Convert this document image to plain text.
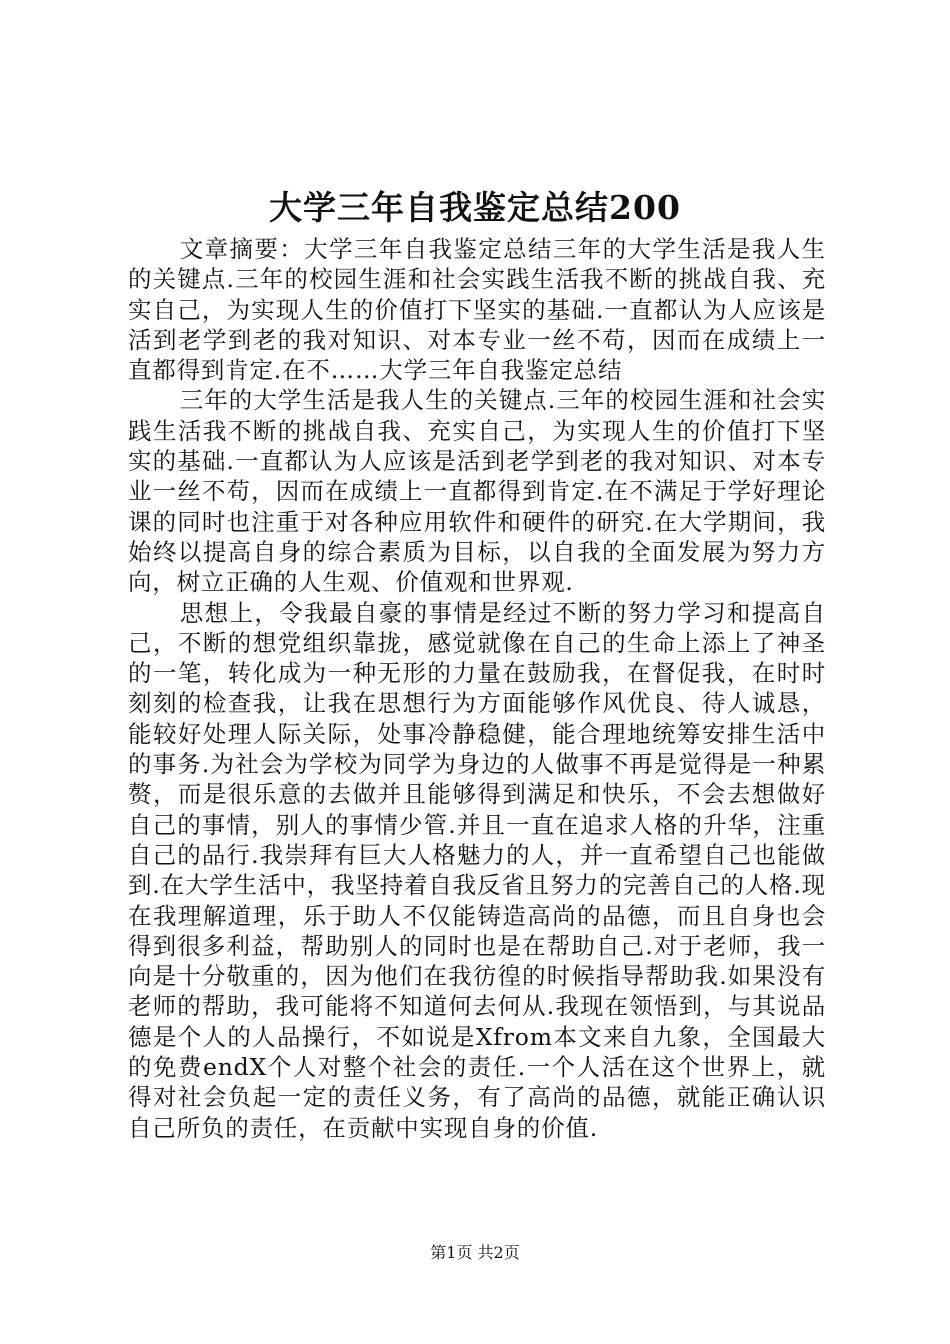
大学三年自我鉴定总结200

文章摘要：大学三年自我鉴定总结三年的大学生活是我人生的关键点.三年的校园生涯和社会实践生活我不断的挑战自我、充实自己，为实现人生的价值打下坚实的基础.一直都认为人应该是活到老学到老的我对知识、对本专业一丝不苟，因而在成绩上一直都得到肯定.在不……大学三年自我鉴定总结

三年的大学生活是我人生的关键点.三年的校园生涯和社会实践生活我不断的挑战自我、充实自己，为实现人生的价值打下坚实的基础.一直都认为人应该是活到老学到老的我对知识、对本专业一丝不苟，因而在成绩上一直都得到肯定.在不满足于学好理论课的同时也注重于对各种应用软件和硬件的研究.在大学期间，我始终以提高自身的综合素质为目标，以自我的全面发展为努力方向，树立正确的人生观、价值观和世界观.

思想上，令我最自豪的事情是经过不断的努力学习和提高自己，不断的想党组织靠拢，感觉就像在自己的生命上添上了神圣的一笔，转化成为一种无形的力量在鼓励我，在督促我，在时时刻刻的检查我，让我在思想行为方面能够作风优良、待人诚恳，能较好处理人际关际，处事冷静稳健，能合理地统筹安排生活中的事务.为社会为学校为同学为身边的人做事不再是觉得是一种累赘，而是很乐意的去做并且能够得到满足和快乐，不会去想做好自己的事情，别人的事情少管.并且一直在追求人格的升华，注重自己的品行.我崇拜有巨大人格魅力的人，并一直希望自己也能做到.在大学生活中，我坚持着自我反省且努力的完善自己的人格.现在我理解道理，乐于助人不仅能铸造高尚的品德，而且自身也会得到很多利益，帮助别人的同时也是在帮助自己.对于老师，我一向是十分敬重的，因为他们在我彷徨的时候指导帮助我.如果没有老师的帮助，我可能将不知道何去何从.我现在领悟到，与其说品德是个人的人品操行，不如说是Xfrom本文来自九象，全国最大的免费endX个人对整个社会的责任.一个人活在这个世界上，就得对社会负起一定的责任义务，有了高尚的品德，就能正确认识自己所负的责任，在贡献中实现自身的价值.

第1页 共2页
